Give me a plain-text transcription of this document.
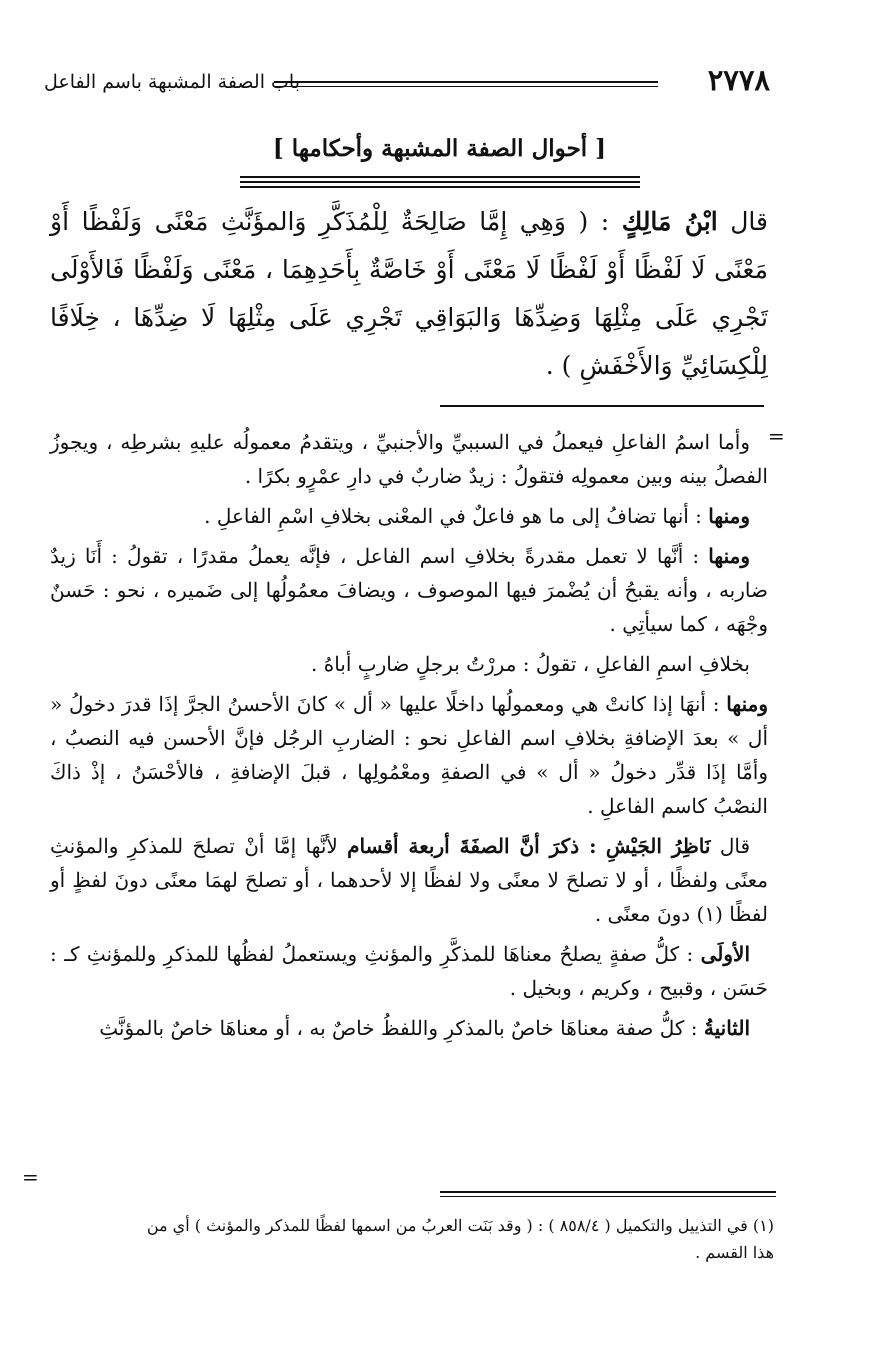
٢٧٧٨
باب الصفة المشبهة باسم الفاعل
[ أحوال الصفة المشبهة وأحكامها ]
قال ابْنُ مَالِكٍ : ( وَهِي إِمَّا صَالِحَةٌ لِلْمُذَكَّرِ وَالمؤَنَّثِ مَعْنًى وَلَفْظًا أَوْ مَعْنًى لَا لَفْظًا أَوْ لَفْظًا لَا مَعْنًى أَوْ خَاصَّةٌ بِأَحَدِهِمَا ، مَعْنًى وَلَفْظًا فَالأَوْلَى تَجْرِي عَلَى مِثْلِهَا وَضِدِّهَا وَالبَوَاقِي تَجْرِي عَلَى مِثْلِهَا لَا ضِدِّهَا ، خِلَافًا لِلْكِسَائِيِّ وَالأَخْفَشِ ) .
=

وأما اسمُ الفاعلِ فيعملُ في السببيِّ والأجنبيِّ ، ويتقدمُ معمولُه عليهِ بشرطِه ، ويجوزُ الفصلُ بينه وبين معمولِه فتقولُ : زيدٌ ضاربٌ في دارِ عمْرٍو بكرًا .

ومنها : أنها تضافُ إلى ما هو فاعلٌ في المعْنى بخلافِ اسْمِ الفاعلِ .

ومنها : أنَّها لا تعمل مقدرةً بخلافِ اسم الفاعل ، فإنَّه يعملُ مقدرًا ، تقولُ : أَنَا زيدٌ ضاربه ، وأنه يقبحُ أن يُضْمرَ فيها الموصوف ، ويضافَ معمُولُها إلى ضَميره ، نحو : حَسنٌ وجْهَه ، كما سيأتِي .

بخلافِ اسمِ الفاعلِ ، تقولُ : مررْتُ برجلٍ ضاربٍ أباهُ .

ومنها : أنهَا إذا كانتْ هي ومعمولُها داخلًا عليها « أل » كانَ الأحسنُ الجرَّ إذَا قدرَ دخولُ « أل » بعدَ الإضافةِ بخلافِ اسم الفاعلِ نحو : الضاربِ الرجُل فإنَّ الأحسن فيه النصبُ ، وأمَّا إذَا قدِّر دخولُ « أل » في الصفةِ ومعْمُولِها ، قبلَ الإضافةِ ، فالأحْسَنُ ، إذْ ذاكَ النصْبُ كاسم الفاعلِ .

قال نَاظِرُ الجَيْشِ : ذكرَ أنَّ الصفَةَ أربعة أقسام لأنَّها إمَّا أنْ تصلحَ للمذكرِ والمؤنثِ معنًى ولفظًا ، أو لا تصلحَ لا معنًى ولا لفظًا إلا لأحدهما ، أو تصلحَ لهمَا معنًى دونَ لفظٍ أو لفظًا (١) دونَ معنًى .

الأولَى : كلُّ صفةٍ يصلحُ معناهَا للمذكَّرِ والمؤنثِ ويستعملُ لفظُها للمذكرِ وللمؤنثِ كـ : حَسَن ، وقبيح ، وكريم ، وبخيل .

الثانيةُ : كلُّ صفة معناهَا خاصٌ بالمذكرِ واللفظُ خاصٌ به ، أو معناهَا خاصٌ بالمؤنَّثِ

=

(١) في التذييل والتكميل ( ٨٥٨/٤ ) : ( وقد بَنَت العربُ من اسمها لفظًا للمذكر والمؤنث ) أي من

هذا القسم .
